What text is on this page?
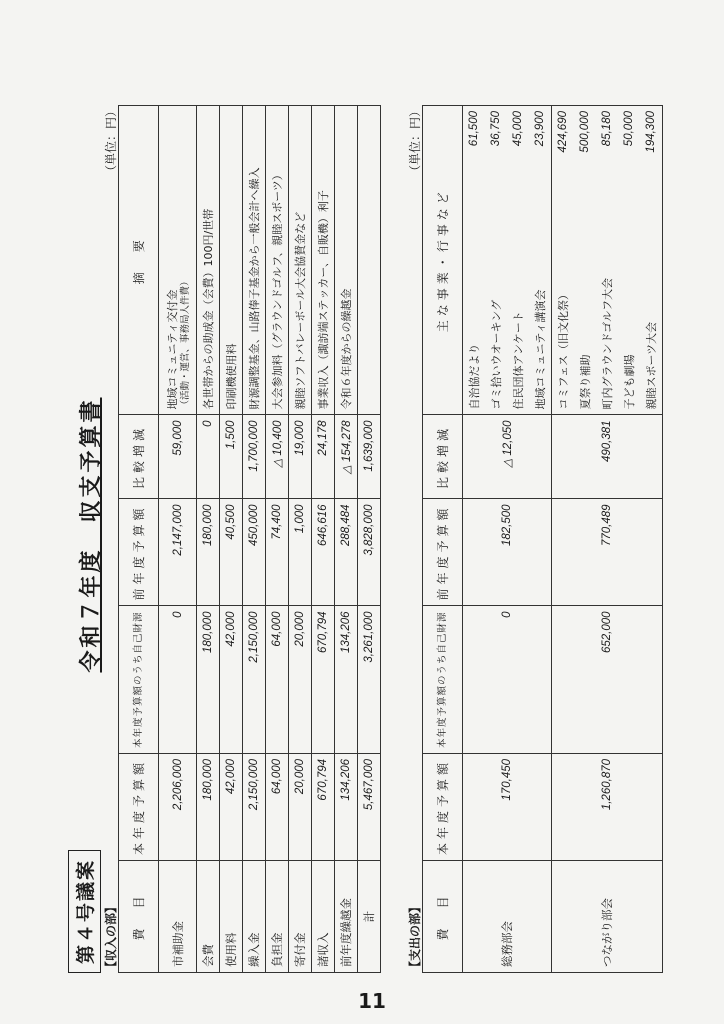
第４号議案
令和７年度　収支予算書
【収入の部】
（単位：円）
費　目	本年度予算額	本年度予算額のうち自己財源	前年度予算額	比較増減	摘　要
市補助金	2,206,000	0	2,147,000	59,000	地域コミュニティ交付金 （活動・運営、事務局人件費）

会費	180,000	180,000	180,000	0	各世帯からの助成金（会費）100円/世帯
使用料	42,000	42,000	40,500	1,500	印刷機使用料
繰入金	2,150,000	2,150,000	450,000	1,700,000	財源調整基金、山路俸子基金から一般会計へ繰入
負担金	64,000	64,000	74,400	△ 10,400	大会参加料（グラウンドゴルフ、親睦スポーツ）
寄付金	20,000	20,000	1,000	19,000	親睦ソフトバレーボール大会協賛金など
諸収入	670,794	670,794	646,616	24,178	事業収入（諏訪端ステッカー、自販機）利子
前年度繰越金	134,206	134,206	288,484	△ 154,278	令和６年度からの繰越金
計	5,467,000	3,261,000	3,828,000	1,639,000	
【支出の部】
（単位：円）
費　目	本年度予算額	本年度予算額のうち自己財源	前年度予算額	比較増減	主な事業・行事など	
総務部会	170,450	0	182,500	△ 12,050	自治協だより	61,500
					ゴミ拾いウオーキング	36,750
					住民団体アンケート	45,000
					地域コミュニティ講演会	23,900
つながり部会	1,260,870	652,000	770,489	490,381	コミフェス（旧文化祭）	424,690
					夏祭り補助	500,000
					町内グラウンドゴルフ大会	85,180
					子ども劇場	50,000
					親睦スポーツ大会	194,300
11
